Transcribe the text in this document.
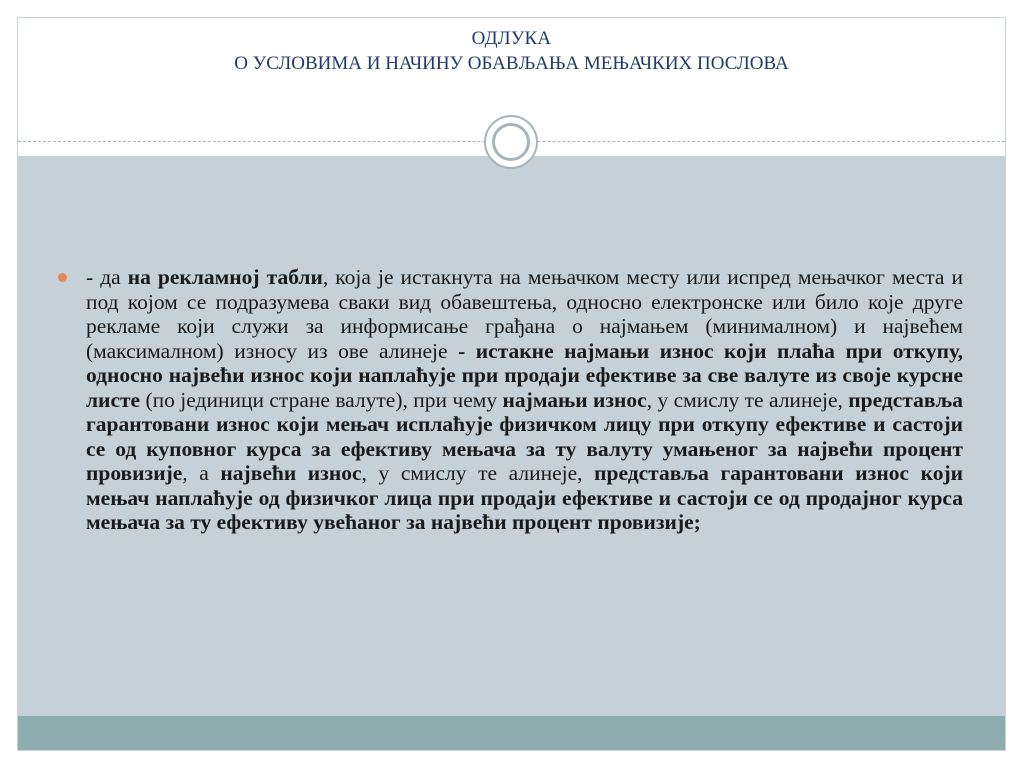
ОДЛУКА
О УСЛОВИМА И НАЧИНУ ОБАВЉАЊА МЕЊАЧКИХ ПОСЛОВА
- да на рекламној табли, која је истакнута на мењачком месту или испред мењачког места и под којом се подразумева сваки вид обавештења, односно електронске или било које друге рекламе који служи за информисање грађана о најмањем (минималном) и највећем (максималном) износу из ове алинеје - истакне најмањи износ који плаћа при откупу, односно највећи износ који наплаћује при продаји ефективе за све валуте из своје курсне листе (по јединици стране валуте), при чему најмањи износ, у смислу те алинеје, представља гарантовани износ који мењач исплаћује физичком лицу при откупу ефективе и састоји се од куповног курса за ефективу мењача за ту валуту умањеног за највећи процент провизије, а највећи износ, у смислу те алинеје, представља гарантовани износ који мењач наплаћује од физичког лица при продаји ефективе и састоји се од продајног курса мењача за ту ефективу увећаног за највећи процент провизије;
